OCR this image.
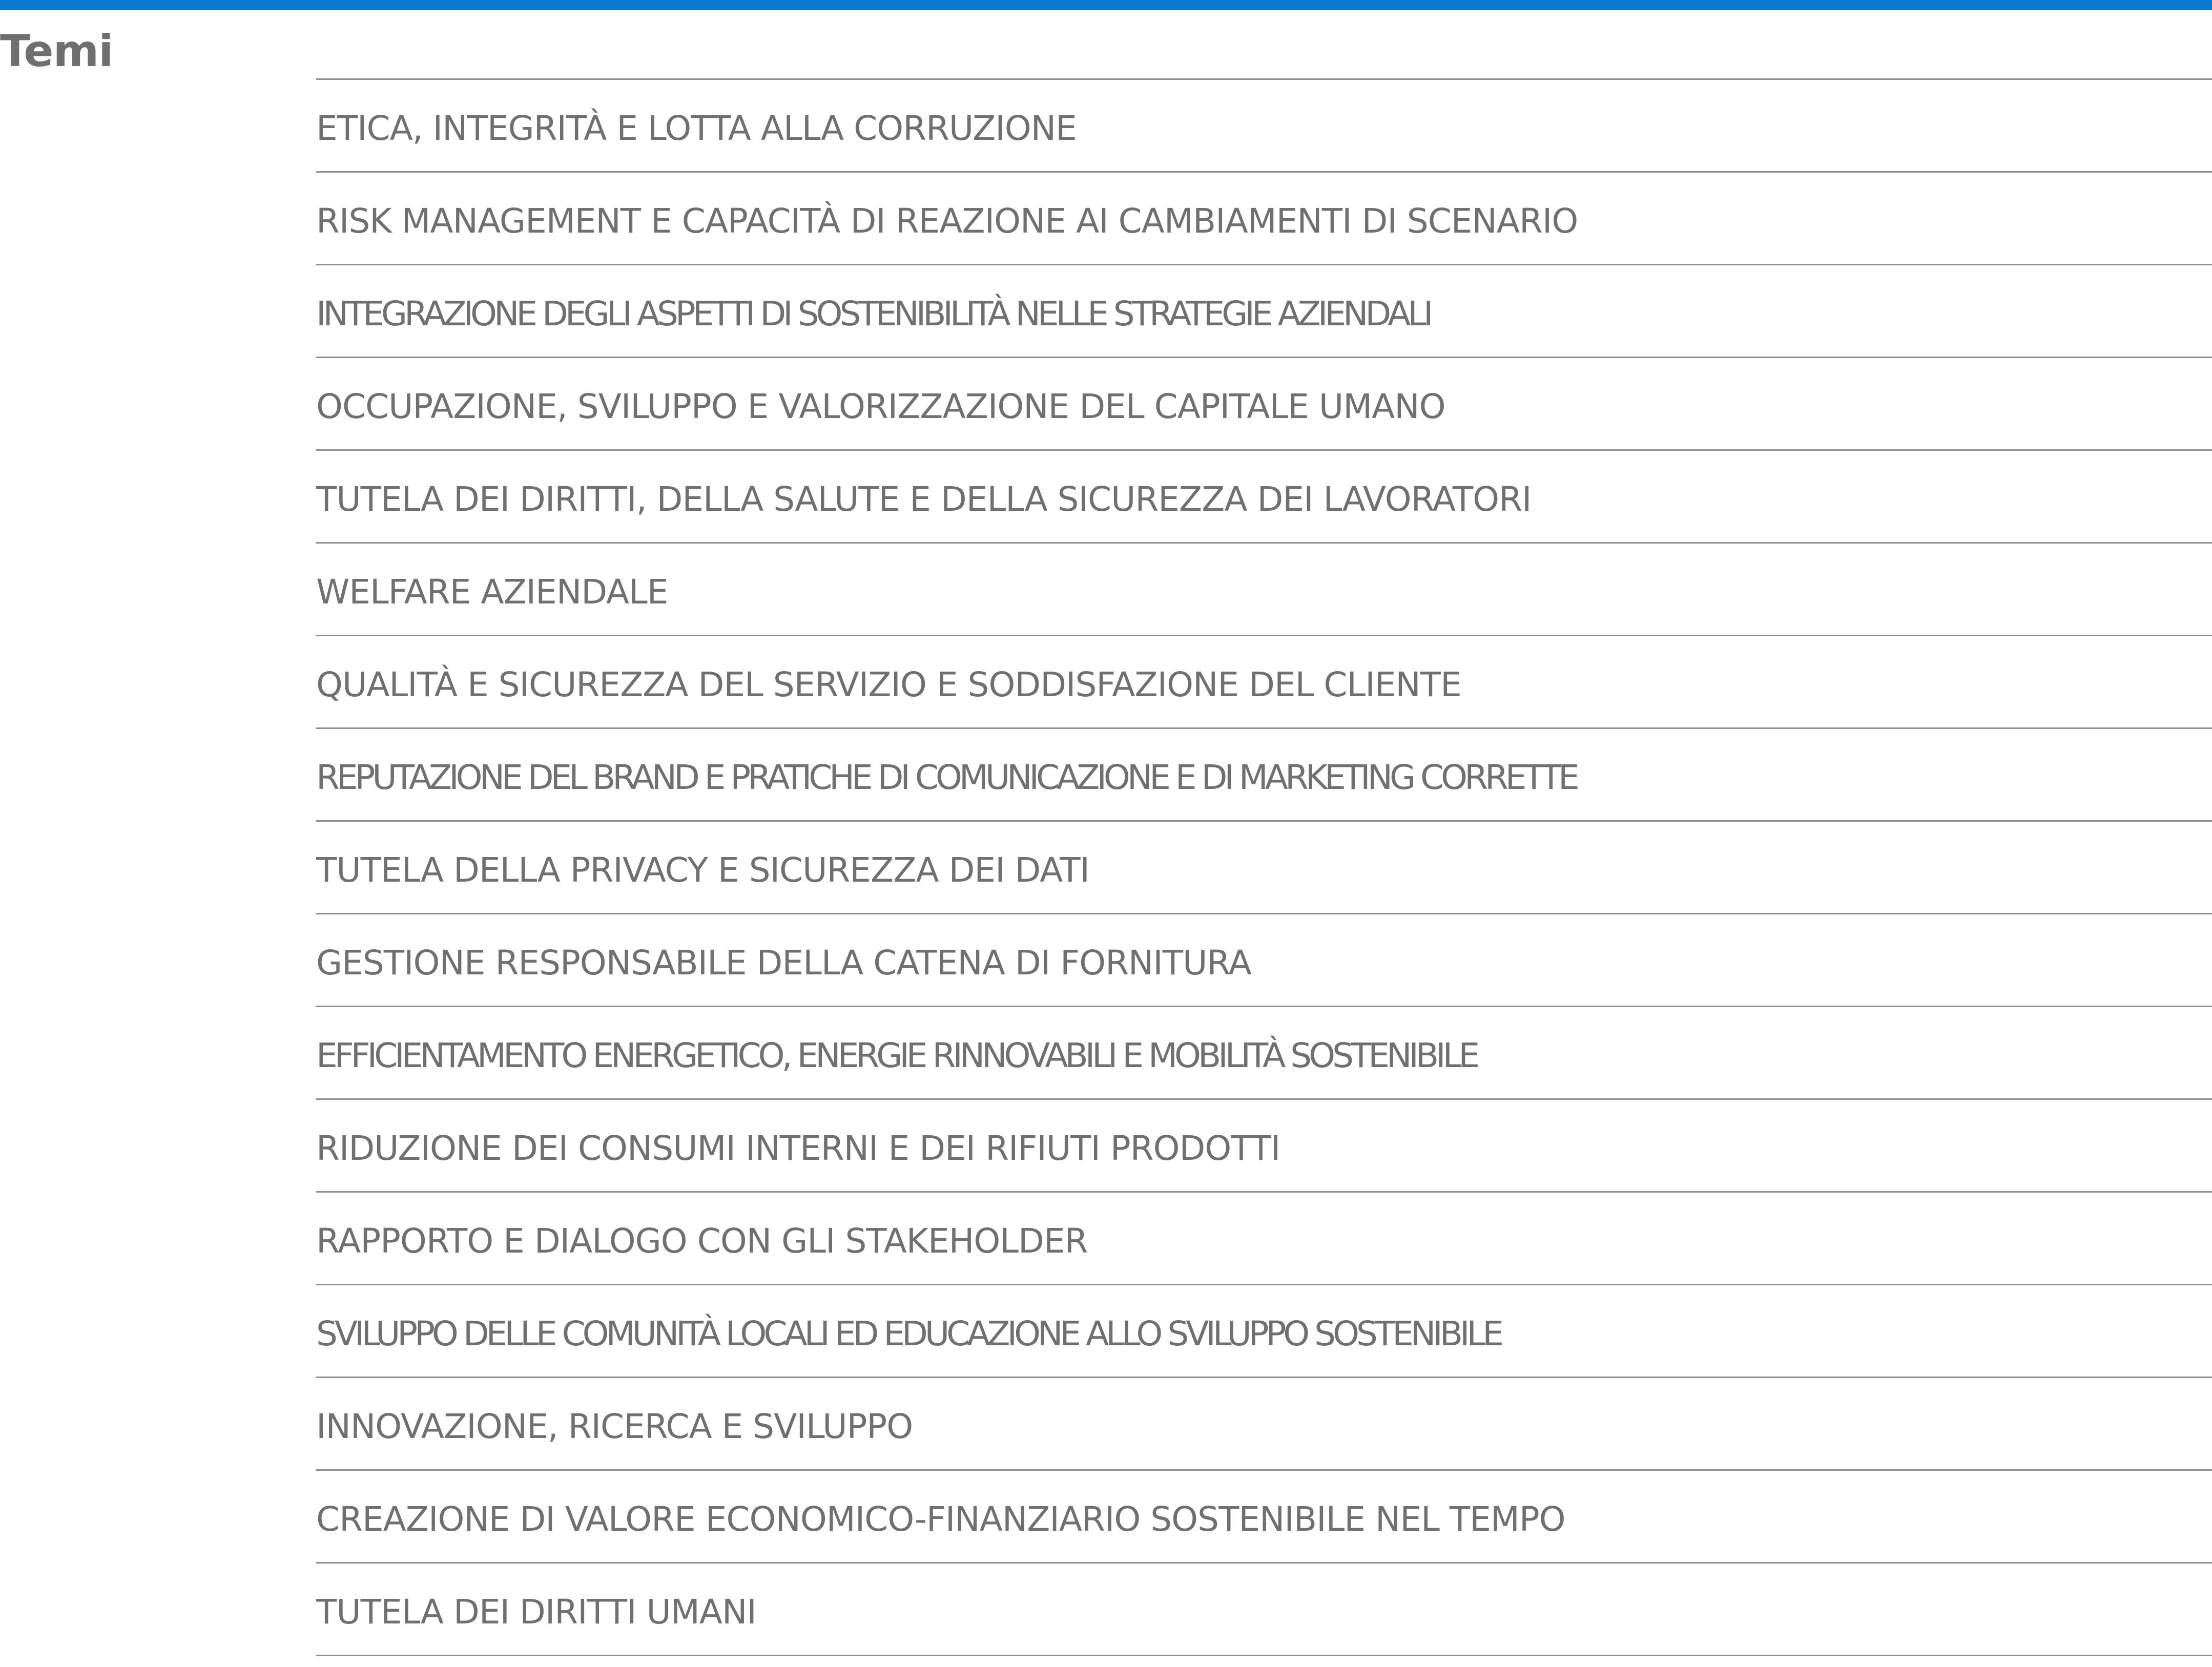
Temi
ETICA, INTEGRITÀ E LOTTA ALLA CORRUZIONE
RISK MANAGEMENT E CAPACITÀ DI REAZIONE AI CAMBIAMENTI DI SCENARIO
INTEGRAZIONE DEGLI ASPETTI DI SOSTENIBILITÀ NELLE STRATEGIE AZIENDALI
OCCUPAZIONE, SVILUPPO E VALORIZZAZIONE DEL CAPITALE UMANO
TUTELA DEI DIRITTI, DELLA SALUTE E DELLA SICUREZZA DEI LAVORATORI
WELFARE AZIENDALE
QUALITÀ E SICUREZZA DEL SERVIZIO E SODDISFAZIONE DEL CLIENTE
REPUTAZIONE DEL BRAND E PRATICHE DI COMUNICAZIONE E DI MARKETING CORRETTE
TUTELA DELLA PRIVACY E SICUREZZA DEI DATI
GESTIONE RESPONSABILE DELLA CATENA DI FORNITURA
EFFICIENTAMENTO ENERGETICO, ENERGIE RINNOVABILI E MOBILITÀ SOSTENIBILE
RIDUZIONE DEI CONSUMI INTERNI E DEI RIFIUTI PRODOTTI
RAPPORTO E DIALOGO CON GLI STAKEHOLDER
SVILUPPO DELLE COMUNITÀ LOCALI ED EDUCAZIONE ALLO SVILUPPO SOSTENIBILE
INNOVAZIONE, RICERCA E SVILUPPO
CREAZIONE DI VALORE ECONOMICO-FINANZIARIO SOSTENIBILE NEL TEMPO
TUTELA DEI DIRITTI UMANI
